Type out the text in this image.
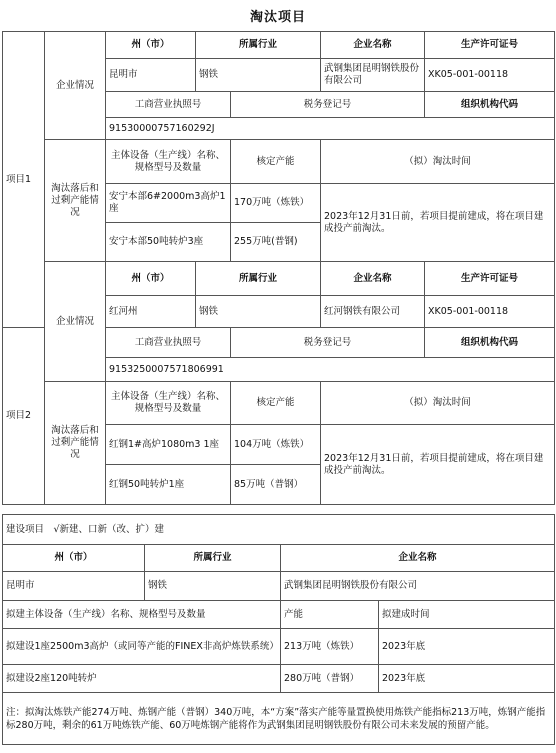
淘汰项目
项目1	企业情况	州（市）	所属行业		企业名称	生产许可证号
		昆明市	钢铁		武钢集团昆明钢铁股份有限公司	XK05-001-00118
		工商营业执照号		税务登记号		组织机构代码
		91530000757160292J				
	淘汰落后和过剩产能情况	主体设备（生产线）名称、规格型号及数量		核定产能	（拟）淘汰时间	
		安宁本部6#2000m3高炉1座		170万吨（炼铁）	2023年12月31日前，若项目提前建成，将在项目建成投产前淘汰。	
		安宁本部50吨转炉3座		255万吨(普钢)		
	企业情况	州（市）	所属行业		企业名称	生产许可证号
		红河州	钢铁		红河钢铁有限公司	XK05-001-00118
项目2		工商营业执照号		税务登记号		组织机构代码
		9153250007571806991				
	淘汰落后和过剩产能情况	主体设备（生产线）名称、规格型号及数量		核定产能	（拟）淘汰时间	
		红钢1#高炉1080m3 1座		104万吨（炼铁）	2023年12月31日前，若项目提前建成，将在项目建成投产前淘汰。	
		红钢50吨转炉1座		85万吨（普钢）		
建设项目　√新建、口新（改、扩）建			
州（市）	所属行业	企业名称	
昆明市	钢铁	武钢集团昆明钢铁股份有限公司	
拟建主体设备（生产线）名称、规格型号及数量		产能	拟建成时间
拟建设1座2500m3高炉（或同等产能的FINEX非高炉炼铁系统）		213万吨（炼铁）	2023年底
拟建设2座120吨转炉		280万吨（普钢）	2023年底
注：拟淘汰炼铁产能274万吨、炼钢产能（普钢）340万吨，本“方案”落实产能等量置换使用炼铁产能指标213万吨，炼钢产能指标280万吨，剩余的61万吨炼铁产能、60万吨炼钢产能将作为武钢集团昆明钢铁股份有限公司未来发展的预留产能。			
